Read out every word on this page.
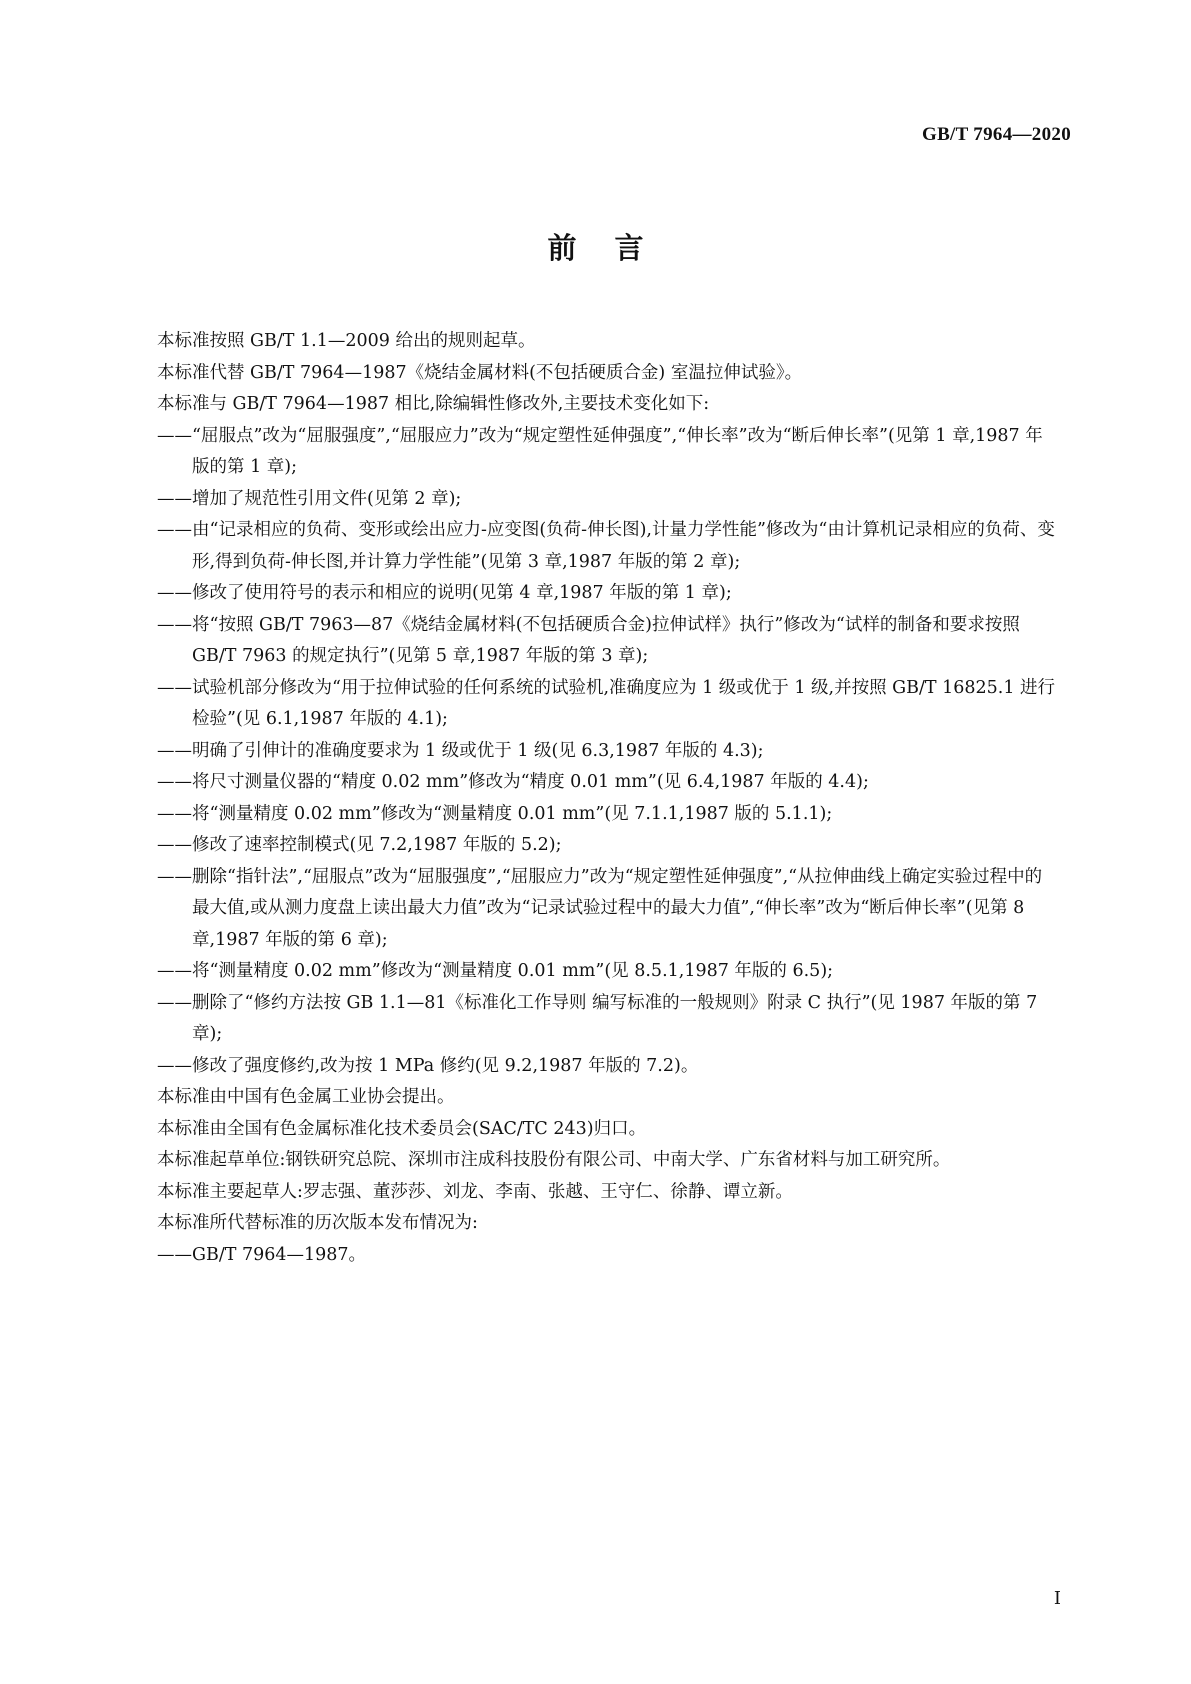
GB/T 7964—2020
前言

本标准按照 GB/T 1.1—2009 给出的规则起草。

本标准代替 GB/T 7964—1987《烧结金属材料(不包括硬质合金) 室温拉伸试验》。

本标准与 GB/T 7964—1987 相比,除编辑性修改外,主要技术变化如下:

——“屈服点”改为“屈服强度”,“屈服应力”改为“规定塑性延伸强度”,“伸长率”改为“断后伸长率”(见第 1 章,1987 年版的第 1 章);

——增加了规范性引用文件(见第 2 章);

——由“记录相应的负荷、变形或绘出应力-应变图(负荷-伸长图),计量力学性能”修改为“由计算机记录相应的负荷、变形,得到负荷-伸长图,并计算力学性能”(见第 3 章,1987 年版的第 2 章);

——修改了使用符号的表示和相应的说明(见第 4 章,1987 年版的第 1 章);

——将“按照 GB/T 7963—87《烧结金属材料(不包括硬质合金)拉伸试样》执行”修改为“试样的制备和要求按照 GB/T 7963 的规定执行”(见第 5 章,1987 年版的第 3 章);

——试验机部分修改为“用于拉伸试验的任何系统的试验机,准确度应为 1 级或优于 1 级,并按照 GB/T 16825.1 进行检验”(见 6.1,1987 年版的 4.1);

——明确了引伸计的准确度要求为 1 级或优于 1 级(见 6.3,1987 年版的 4.3);

——将尺寸测量仪器的“精度 0.02 mm”修改为“精度 0.01 mm”(见 6.4,1987 年版的 4.4);

——将“测量精度 0.02 mm”修改为“测量精度 0.01 mm”(见 7.1.1,1987 版的 5.1.1);

——修改了速率控制模式(见 7.2,1987 年版的 5.2);

——删除“指针法”,“屈服点”改为“屈服强度”,“屈服应力”改为“规定塑性延伸强度”,“从拉伸曲线上确定实验过程中的最大值,或从测力度盘上读出最大力值”改为“记录试验过程中的最大力值”,“伸长率”改为“断后伸长率”(见第 8 章,1987 年版的第 6 章);

——将“测量精度 0.02 mm”修改为“测量精度 0.01 mm”(见 8.5.1,1987 年版的 6.5);

——删除了“修约方法按 GB 1.1—81《标准化工作导则 编写标准的一般规则》附录 C 执行”(见 1987 年版的第 7 章);

——修改了强度修约,改为按 1 MPa 修约(见 9.2,1987 年版的 7.2)。

本标准由中国有色金属工业协会提出。

本标准由全国有色金属标准化技术委员会(SAC/TC 243)归口。

本标准起草单位:钢铁研究总院、深圳市注成科技股份有限公司、中南大学、广东省材料与加工研究所。

本标准主要起草人:罗志强、董莎莎、刘龙、李南、张越、王守仁、徐静、谭立新。

本标准所代替标准的历次版本发布情况为:

——GB/T 7964—1987。

I
